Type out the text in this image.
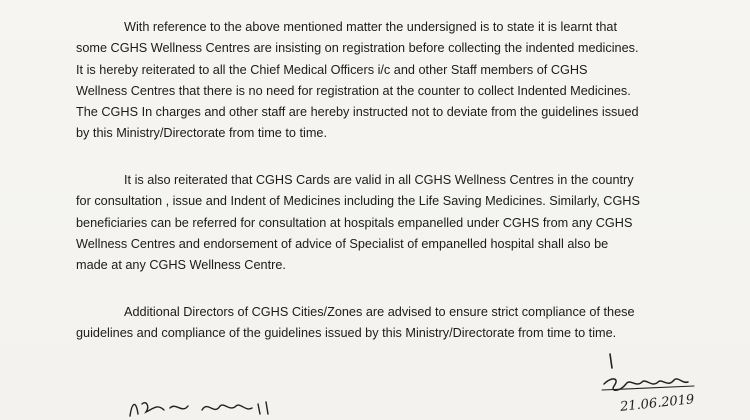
With reference to the above mentioned matter the undersigned is to state it is learnt that
some CGHS Wellness Centres are insisting on registration before collecting the indented medicines.
It is hereby reiterated to all the Chief Medical Officers i/c and other Staff members of CGHS
Wellness Centres that there is no need for registration at the counter to collect Indented Medicines.
The CGHS In charges and other staff are hereby instructed not to deviate from the guidelines issued
by this Ministry/Directorate from time to time.

It is also reiterated that CGHS Cards are valid in all CGHS Wellness Centres in the country
for consultation , issue and Indent of Medicines including the Life Saving Medicines. Similarly, CGHS
beneficiaries can be referred for consultation at hospitals empanelled under CGHS from any CGHS
Wellness Centres and endorsement of advice of Specialist of empanelled hospital shall also be
made at any CGHS Wellness Centre.

Additional Directors of CGHS Cities/Zones are advised to ensure strict compliance of these
guidelines and compliance of the guidelines issued by this Ministry/Directorate from time to time.

21.06.2019
